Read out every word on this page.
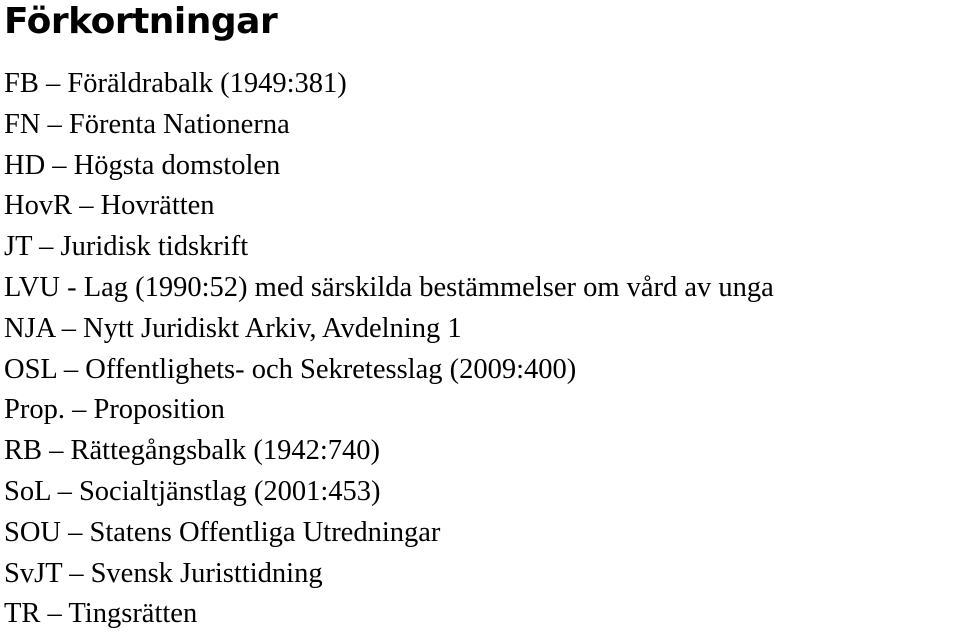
Förkortningar
FB – Föräldrabalk (1949:381)
FN – Förenta Nationerna
HD – Högsta domstolen
HovR – Hovrätten
JT – Juridisk tidskrift
LVU - Lag (1990:52) med särskilda bestämmelser om vård av unga
NJA – Nytt Juridiskt Arkiv, Avdelning 1
OSL – Offentlighets- och Sekretesslag (2009:400)
Prop. – Proposition
RB – Rättegångsbalk (1942:740)
SoL – Socialtjänstlag (2001:453)
SOU – Statens Offentliga Utredningar
SvJT – Svensk Juristtidning
TR – Tingsrätten
